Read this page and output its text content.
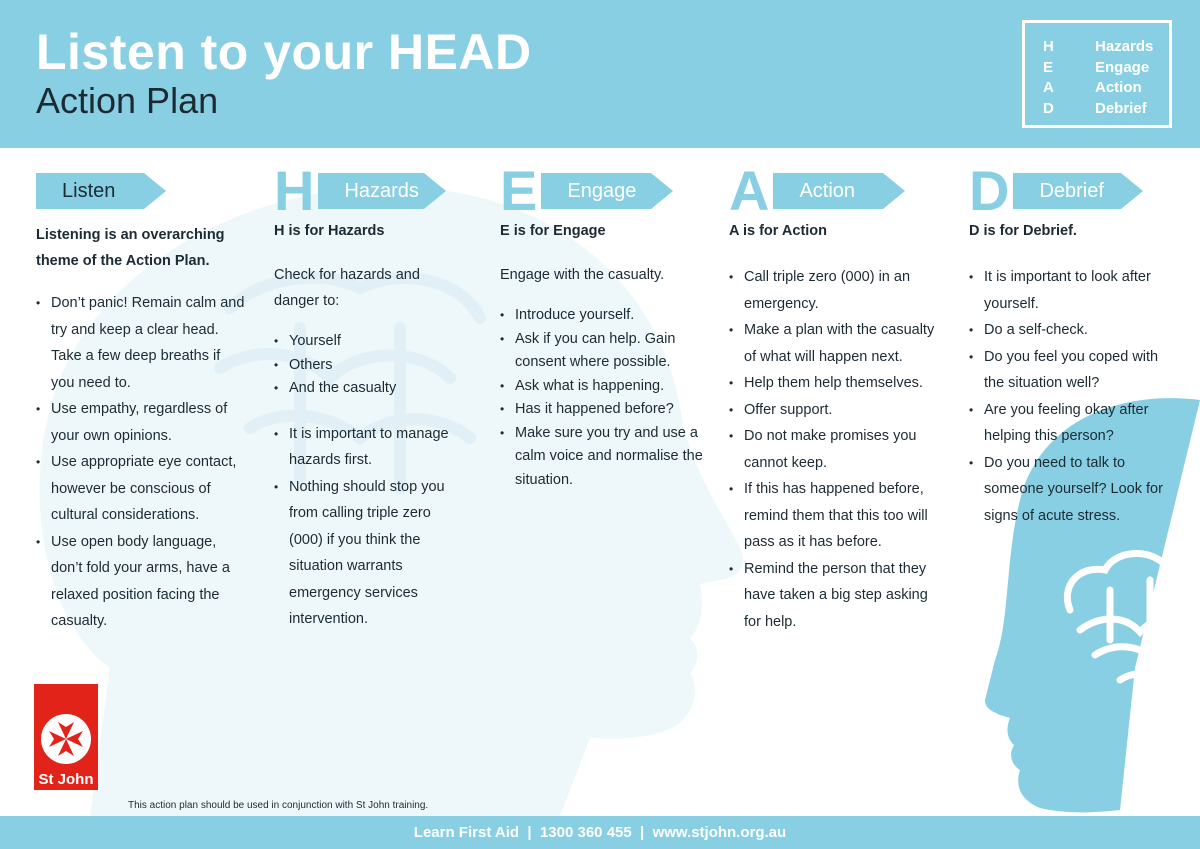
Listen to your HEAD
Action Plan
H	Hazards
E	Engage
A	Action
D	Debrief
Listen
Listening is an overarching theme of the Action Plan.
• Don’t panic! Remain calm and try and keep a clear head. Take a few deep breaths if you need to.
• Use empathy, regardless of your own opinions.
• Use appropriate eye contact, however be conscious of cultural considerations.
• Use open body language, don’t fold your arms, have a relaxed position facing the casualty.
H	Hazards
H is for Hazards
Check for hazards and danger to:
• Yourself
• Others
• And the casualty
• It is important to manage hazards first.
• Nothing should stop you from calling triple zero (000) if you think the situation warrants emergency services intervention.
E	Engage
E is for Engage
Engage with the casualty.
• Introduce yourself.
• Ask if you can help. Gain consent where possible.
• Ask what is happening.
• Has it happened before?
• Make sure you try and use a calm voice and normalise the situation.
A	Action
A is for Action
• Call triple zero (000) in an emergency.
• Make a plan with the casualty of what will happen next.
• Help them help themselves.
• Offer support.
• Do not make promises you cannot keep.
• If this has happened before, remind them that this too will pass as it has before.
• Remind the person that they have taken a big step asking for help.
D	Debrief
D is for Debrief.
• It is important to look after yourself.
• Do a self-check.
• Do you feel you coped with the situation well?
• Are you feeling okay after helping this person?
• Do you need to talk to someone yourself? Look for signs of acute stress.
St John
This action plan should be used in conjunction with St John training.
Learn First Aid  |  1300 360 455  |  www.stjohn.org.au
